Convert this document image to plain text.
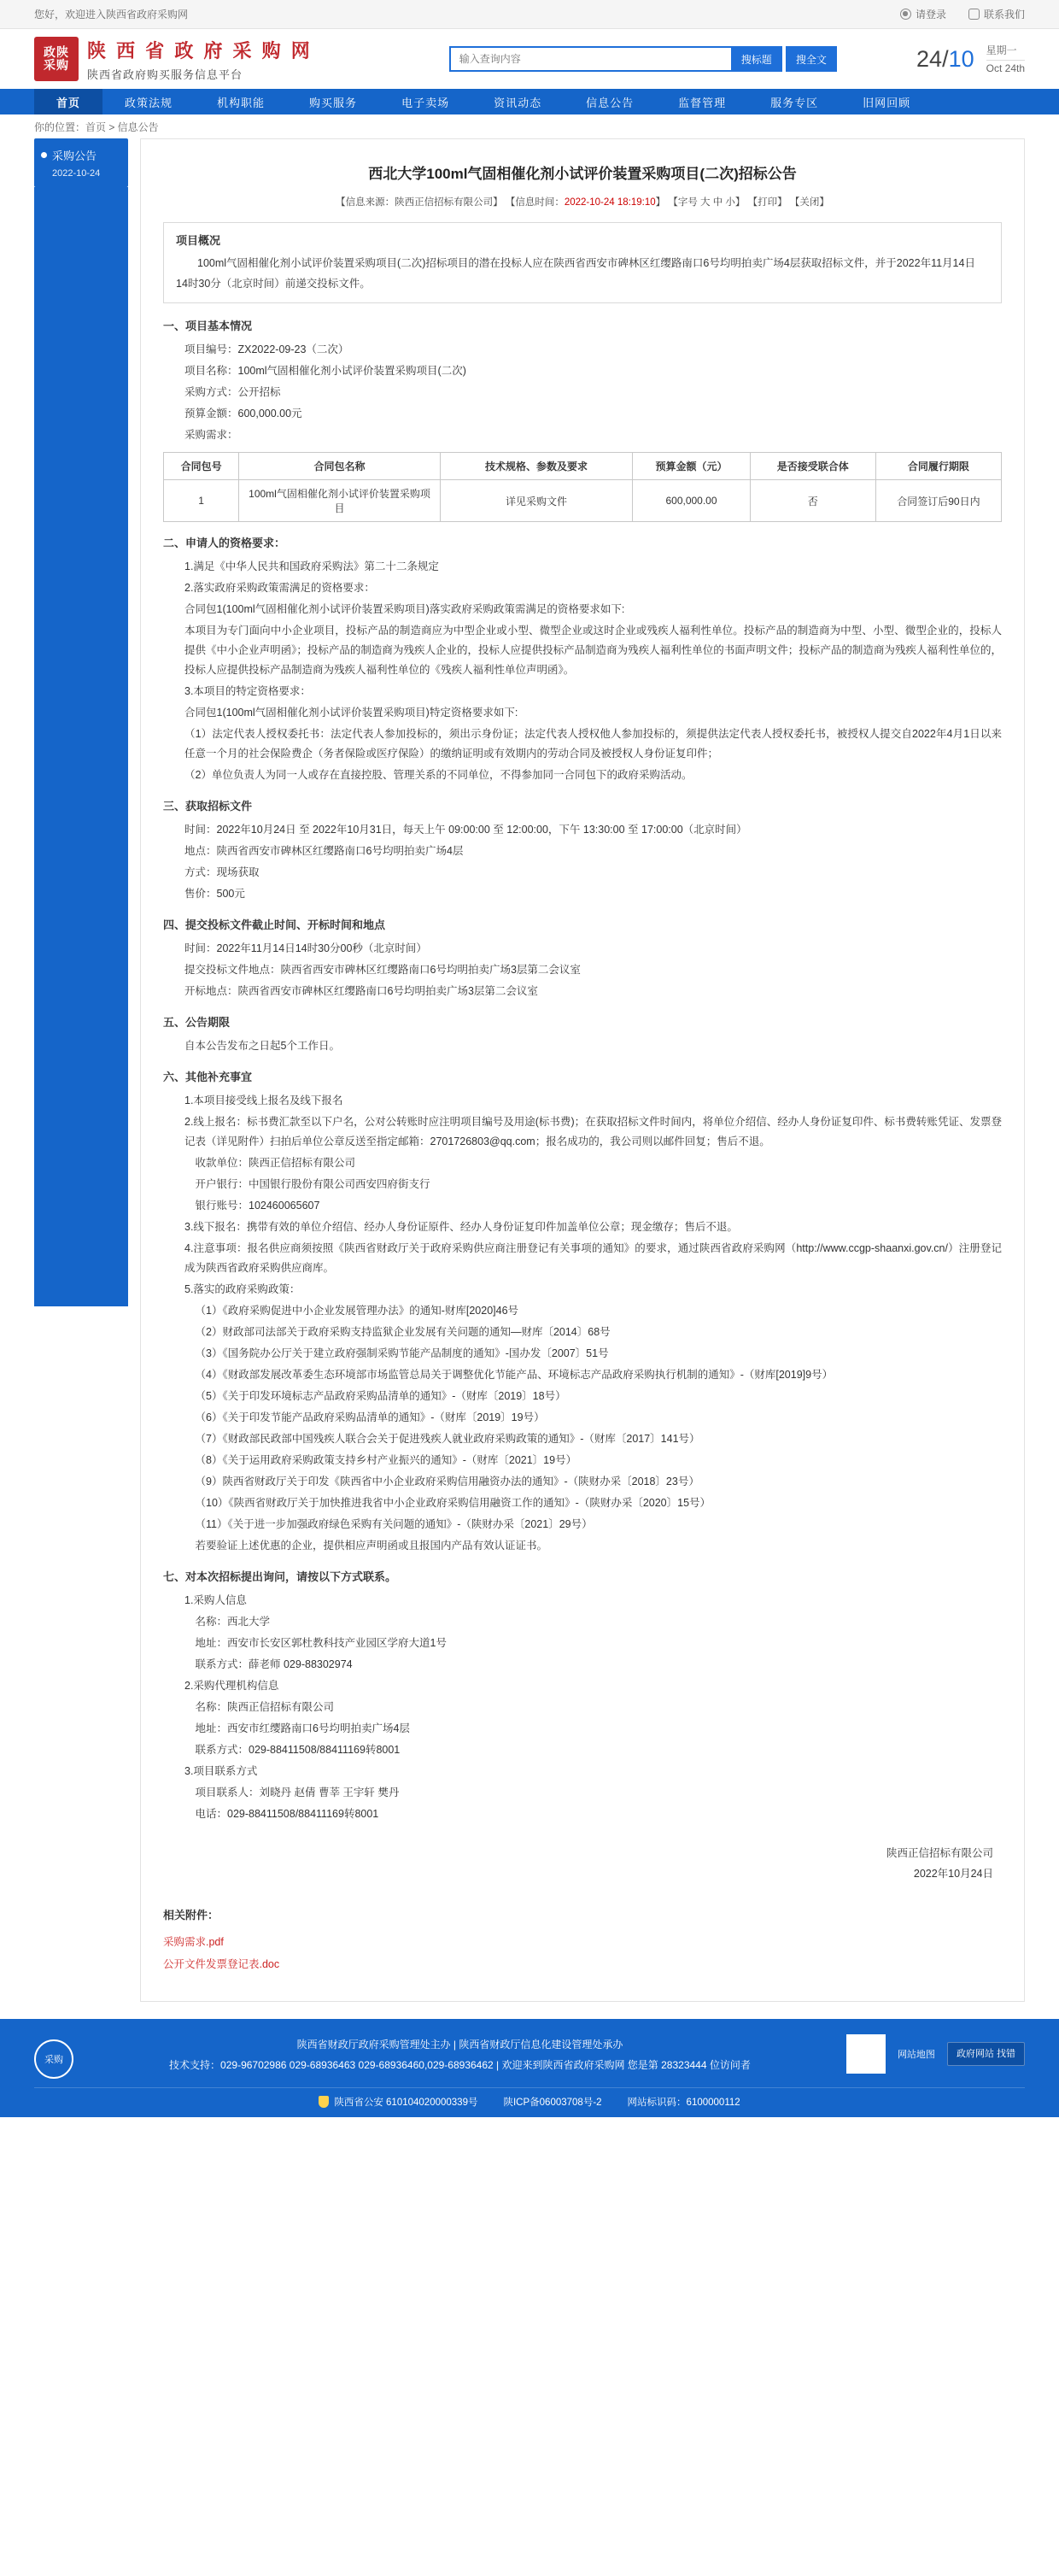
您好，欢迎进入陕西省政府采购网	请登录	联系我们
政陕
采购
陕 西 省 政 府 采 购 网
陕西省政府购买服务信息平台
输入查询内容
搜标题	搜全文	24/10 星期一
Oct 24th
首页	政策法规	机构职能	购买服务	电子卖场	资讯动态	信息公告	监督管理	服务专区	旧网回顾
你的位置：首页 > 信息公告
采购公告
2022-10-24	西北大学100ml气固相催化剂小试评价装置采购项目(二次)招标公告
【信息来源：陕西正信招标有限公司】 【信息时间：2022-10-24 18:19:10】 【字号 大 中 小】 【打印】 【关闭】
项目概况

100ml气固相催化剂小试评价装置采购项目(二次)招标项目的潜在投标人应在陕西省西安市碑林区红缨路南口6号均明拍卖广场4层获取招标文件，并于2022年11月14日 14时30分（北京时间）前递交投标文件。

一、项目基本情况

项目编号：ZX2022-09-23（二次）

项目名称：100ml气固相催化剂小试评价装置采购项目(二次)

采购方式：公开招标

预算金额：600,000.00元

采购需求：

合同包号	合同包名称	技术规格、参数及要求	预算金额（元）	是否接受联合体	合同履行期限
1	100ml气固相催化剂小试评价装置采购项目	详见采购文件	600,000.00	否	合同签订后90日内
二、申请人的资格要求：

1.满足《中华人民共和国政府采购法》第二十二条规定

2.落实政府采购政策需满足的资格要求：

合同包1(100ml气固相催化剂小试评价装置采购项目)落实政府采购政策需满足的资格要求如下:

本项目为专门面向中小企业项目，投标产品的制造商应为中型企业或小型、微型企业或这时企业或残疾人福利性单位。投标产品的制造商为中型、小型、微型企业的，投标人提供《中小企业声明函》；投标产品的制造商为残疾人企业的，投标人应提供投标产品制造商为残疾人福利性单位的书面声明文件；投标产品的制造商为残疾人福利性单位的，投标人应提供投标产品制造商为残疾人福利性单位的《残疾人福利性单位声明函》。

3.本项目的特定资格要求：

合同包1(100ml气固相催化剂小试评价装置采购项目)特定资格要求如下:

（1）法定代表人授权委托书：法定代表人参加投标的，须出示身份证；法定代表人授权他人参加投标的，须提供法定代表人授权委托书，被授权人提交自2022年4月1日以来任意一个月的社会保险费企（务者保险或医疗保险）的缴纳证明或有效期内的劳动合同及被授权人身份证复印件；

（2）单位负责人为同一人或存在直接控股、管理关系的不同单位，不得参加同一合同包下的政府采购活动。

三、获取招标文件

时间：2022年10月24日 至 2022年10月31日，每天上午 09:00:00 至 12:00:00，下午 13:30:00 至 17:00:00（北京时间）

地点：陕西省西安市碑林区红缨路南口6号均明拍卖广场4层

方式：现场获取

售价：500元

四、提交投标文件截止时间、开标时间和地点

时间：2022年11月14日14时30分00秒（北京时间）

提交投标文件地点：陕西省西安市碑林区红缨路南口6号均明拍卖广场3层第二会议室

开标地点：陕西省西安市碑林区红缨路南口6号均明拍卖广场3层第二会议室

五、公告期限

自本公告发布之日起5个工作日。

六、其他补充事宜

1.本项目接受线上报名及线下报名

2.线上报名：标书费汇款至以下户名，公对公转账时应注明项目编号及用途(标书费)；在获取招标文件时间内，将单位介绍信、经办人身份证复印件、标书费转账凭证、发票登记表（详见附件）扫拍后单位公章反送至指定邮箱：2701726803@qq.com；报名成功的，我公司则以邮件回复；售后不退。

收款单位：陕西正信招标有限公司

开户银行：中国银行股份有限公司西安四府街支行

银行账号：102460065607

3.线下报名：携带有效的单位介绍信、经办人身份证原件、经办人身份证复印件加盖单位公章；现金缴存；售后不退。

4.注意事项：报名供应商须按照《陕西省财政厅关于政府采购供应商注册登记有关事项的通知》的要求，通过陕西省政府采购网（http://www.ccgp-shaanxi.gov.cn/）注册登记成为陕西省政府采购供应商库。

5.落实的政府采购政策：

（1）《政府采购促进中小企业发展管理办法》的通知-财库[2020]46号

（2）财政部司法部关于政府采购支持监狱企业发展有关问题的通知—财库〔2014〕68号

（3）《国务院办公厅关于建立政府强制采购节能产品制度的通知》-国办发〔2007〕51号

（4）《财政部发展改革委生态环境部市场监管总局关于调整优化节能产品、环境标志产品政府采购执行机制的通知》-（财库[2019]9号）

（5）《关于印发环境标志产品政府采购品清单的通知》-（财库〔2019〕18号）

（6）《关于印发节能产品政府采购品清单的通知》-（财库〔2019〕19号）

（7）《财政部民政部中国残疾人联合会关于促进残疾人就业政府采购政策的通知》-（财库〔2017〕141号）

（8）《关于运用政府采购政策支持乡村产业振兴的通知》-（财库〔2021〕19号）

（9）陕西省财政厅关于印发《陕西省中小企业政府采购信用融资办法的通知》-（陕财办采〔2018〕23号）

（10）《陕西省财政厅关于加快推进我省中小企业政府采购信用融资工作的通知》-（陕财办采〔2020〕15号）

（11）《关于进一步加强政府绿色采购有关问题的通知》-（陕财办采〔2021〕29号）

若要验证上述优惠的企业，提供相应声明函或且报国内产品有效认证证书。

七、对本次招标提出询问，请按以下方式联系。

1.采购人信息

名称：西北大学

地址：西安市长安区郭杜教科技产业园区学府大道1号

联系方式：薛老师 029-88302974

2.采购代理机构信息

名称：陕西正信招标有限公司

地址：西安市红缨路南口6号均明拍卖广场4层

联系方式：029-88411508/88411169转8001

3.项目联系方式

项目联系人：刘晓丹 赵倩 曹莘 王宇轩 樊丹

电话：029-88411508/88411169转8001

陕西正信招标有限公司
2022年10月24日
相关附件：
采购需求.pdf
公开文件发票登记表.doc
采购
陕西省财政厅政府采购管理处主办 | 陕西省财政厅信息化建设管理处承办
技术支持：029-96702986 029-68936463 029-68936460,029-68936462 | 欢迎来到陕西省政府采购网 您是第 28323444 位访问者
网站地图	政府网站 找错
陕西省公安 610104020000339号	陕ICP备06003708号-2	网站标识码：6100000112
